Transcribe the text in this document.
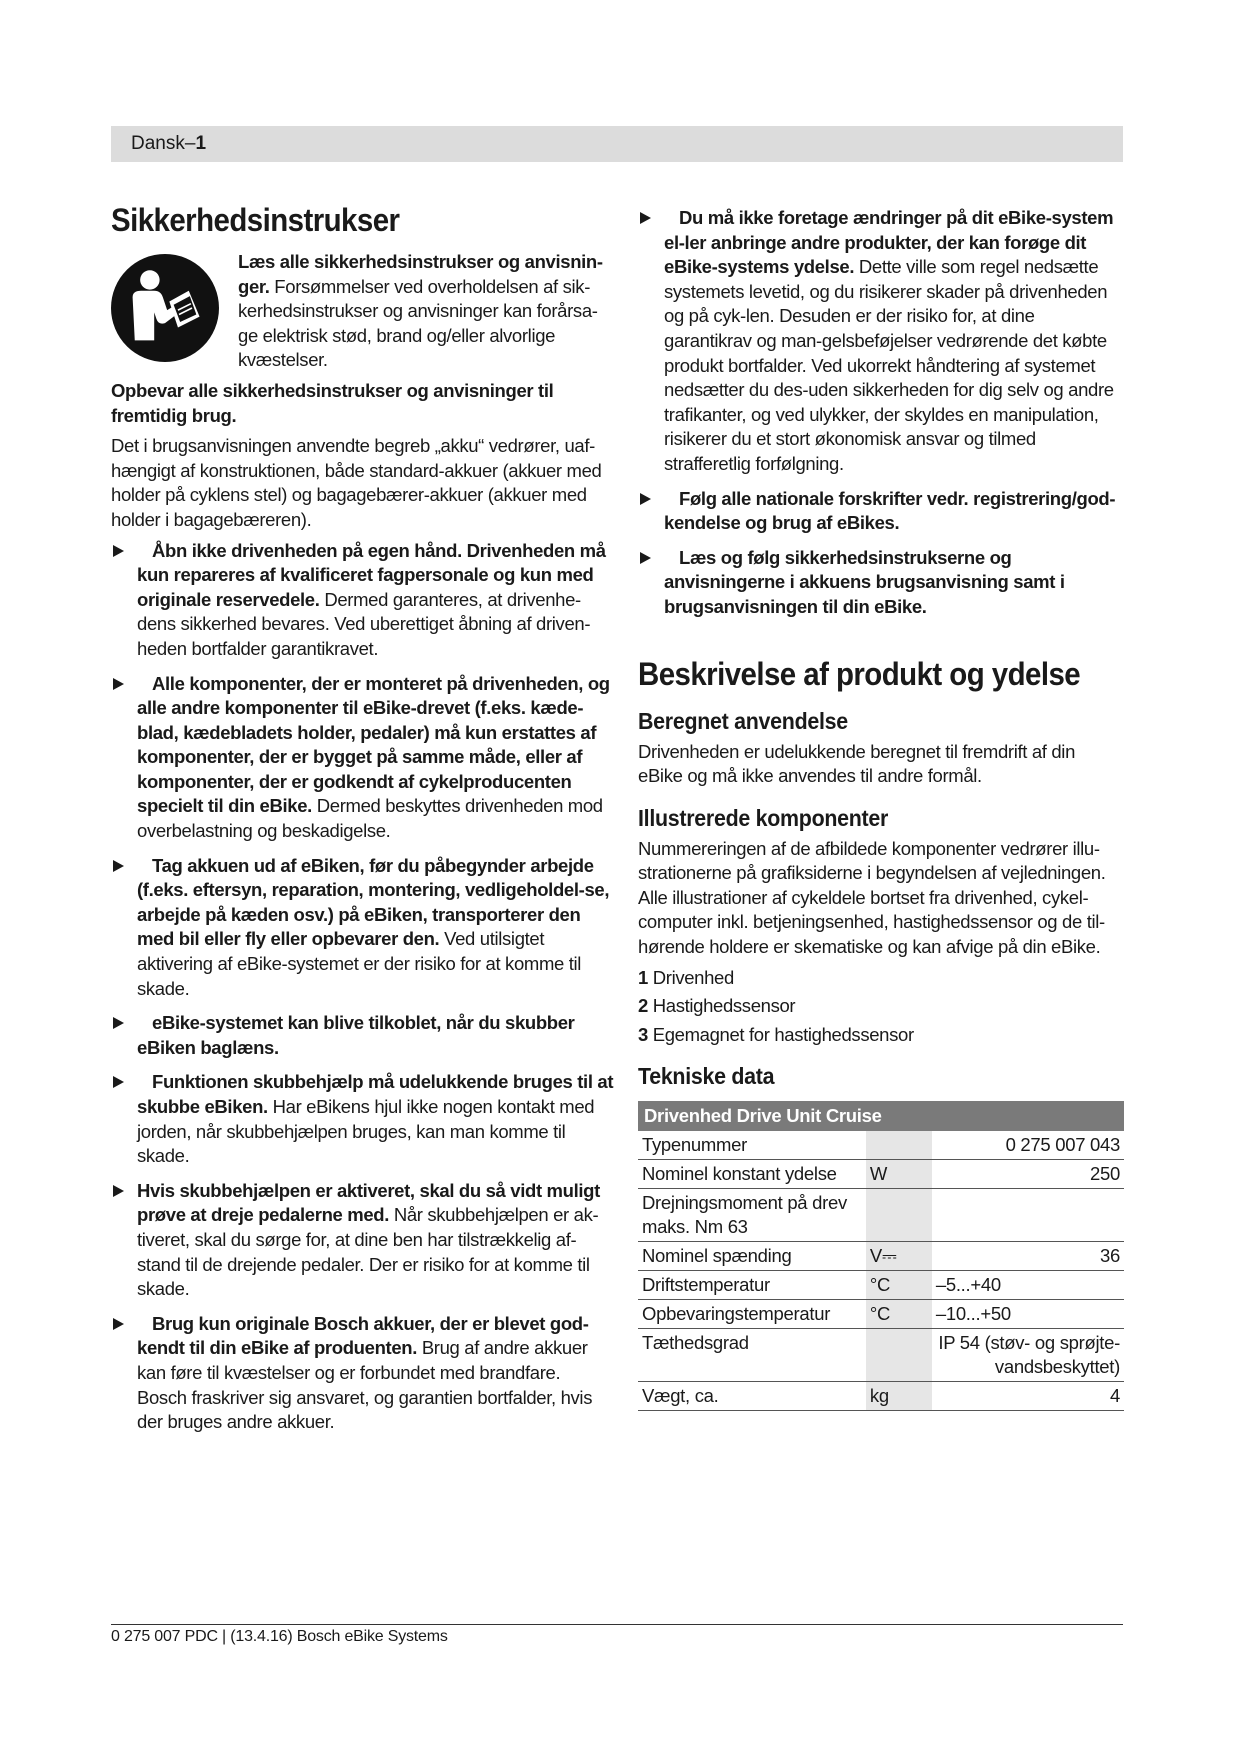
Dansk–1
Sikkerhedsinstrukser

Læs alle sikkerhedsinstrukser og anvisnin-ger. Forsømmelser ved overholdelsen af sik-kerhedsinstrukser og anvisninger kan forårsa-ge elektrisk stød, brand og/eller alvorlige kvæstelser.

Opbevar alle sikkerhedsinstrukser og anvisninger til fremtidig brug.

Det i brugsanvisningen anvendte begreb „akku“ vedrører, uaf-hængigt af konstruktionen, både standard-akkuer (akkuer med holder på cyklens stel) og bagagebærer-akkuer (akkuer med holder i bagagebæreren).

Åbn ikke drivenheden på egen hånd. Drivenheden må kun repareres af kvalificeret fagpersonale og kun med originale reservedele. Dermed garanteres, at drivenhe-dens sikkerhed bevares. Ved uberettiget åbning af driven-heden bortfalder garantikravet.

Alle komponenter, der er monteret på drivenheden, og alle andre komponenter til eBike-drevet (f.eks. kæde-blad, kædebladets holder, pedaler) må kun erstattes af komponenter, der er bygget på samme måde, eller af komponenter, der er godkendt af cykelproducenten specielt til din eBike. Dermed beskyttes drivenheden mod overbelastning og beskadigelse.

Tag akkuen ud af eBiken, før du påbegynder arbejde (f.eks. eftersyn, reparation, montering, vedligeholdel-se, arbejde på kæden osv.) på eBiken, transporterer den med bil eller fly eller opbevarer den. Ved utilsigtet aktivering af eBike-systemet er der risiko for at komme til skade.

eBike-systemet kan blive tilkoblet, når du skubber eBiken baglæns.

Funktionen skubbehjælp må udelukkende bruges til at skubbe eBiken. Har eBikens hjul ikke nogen kontakt med jorden, når skubbehjælpen bruges, kan man komme til skade.

Hvis skubbehjælpen er aktiveret, skal du så vidt muligt prøve at dreje pedalerne med. Når skubbehjælpen er ak-tiveret, skal du sørge for, at dine ben har tilstrækkelig af-stand til de drejende pedaler. Der er risiko for at komme til skade.

Brug kun originale Bosch akkuer, der er blevet god-kendt til din eBike af produenten. Brug af andre akkuer kan føre til kvæstelser og er forbundet med brandfare. Bosch fraskriver sig ansvaret, og garantien bortfalder, hvis der bruges andre akkuer.

Du må ikke foretage ændringer på dit eBike-system el-ler anbringe andre produkter, der kan forøge dit eBike-systems ydelse. Dette ville som regel nedsætte systemets levetid, og du risikerer skader på drivenheden og på cyk-len. Desuden er der risiko for, at dine garantikrav og man-gelsbeføjelser vedrørende det købte produkt bortfalder. Ved ukorrekt håndtering af systemet nedsætter du des-uden sikkerheden for dig selv og andre trafikanter, og ved ulykker, der skyldes en manipulation, risikerer du et stort økonomisk ansvar og tilmed strafferetlig forfølgning.

Følg alle nationale forskrifter vedr. registrering/god-kendelse og brug af eBikes.

Læs og følg sikkerhedsinstrukserne og anvisningerne i akkuens brugsanvisning samt i brugsanvisningen til din eBike.

Beskrivelse af produkt og ydelse
Beregnet anvendelse

Drivenheden er udelukkende beregnet til fremdrift af din eBike og må ikke anvendes til andre formål.

Illustrerede komponenter

Nummereringen af de afbildede komponenter vedrører illu-strationerne på grafiksiderne i begyndelsen af vejledningen. Alle illustrationer af cykeldele bortset fra drivenhed, cykel-computer inkl. betjeningsenhed, hastighedssensor og de til-hørende holdere er skematiske og kan afvige på din eBike.

1 Drivenhed

2 Hastighedssensor

3 Egemagnet for hastighedssensor

Tekniske data
Drivenhed Drive Unit Cruise		
Typenummer		0 275 007 043
Nominel konstant ydelse	W	250
Drejningsmoment på drev maks. Nm 63		
Nominel spænding	V⎓	36
Driftstemperatur	°C	–5...+40
Opbevaringstemperatur	°C	–10...+50
Tæthedsgrad		IP 54 (støv- og sprøjte-vandsbeskyttet)
Vægt, ca.	kg	4
0 275 007 PDC | (13.4.16) Bosch eBike Systems
